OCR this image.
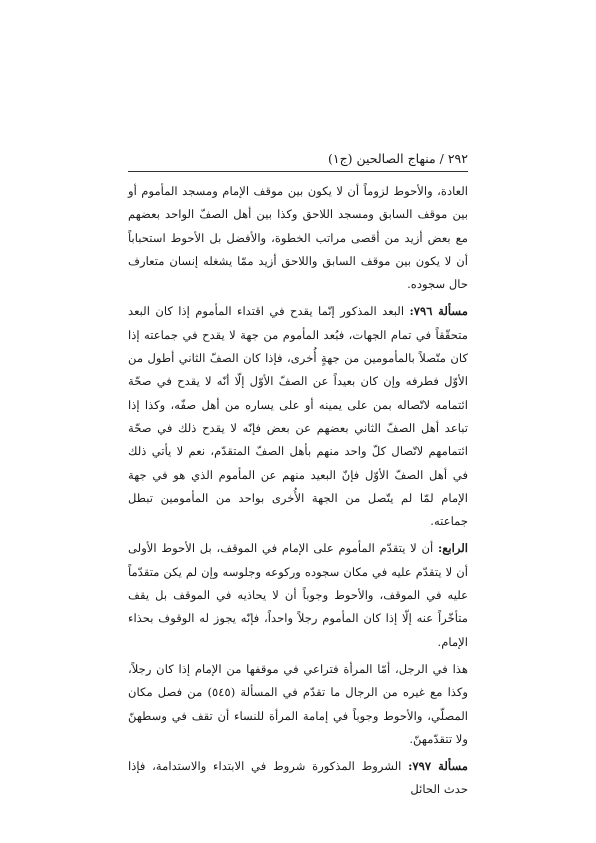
٢٩٢ / منهاج الصالحين (ج١)

العادة، والأحوط لزوماً أن لا يكون بين موقف الإمام ومسجد المأموم أو بين موقف السابق ومسجد اللاحق وكذا بين أهل الصفّ الواحد بعضهم مع بعض أزيد من أقصى مراتب الخطوة، والأفضل بل الأحوط استحباباً أن لا يكون بين موقف السابق واللاحق أزيد ممّا يشغله إنسان متعارف حال سجوده.

مسألة ٧٩٦: البعد المذكور إنّما يقدح في اقتداء المأموم إذا كان البعد متحقّقاً في تمام الجهات، فبُعد المأموم من جهة لا يقدح في جماعته إذا كان متّصلاً بالمأمومين من جهةٍ أُخرى، فإذا كان الصفّ الثاني أطول من الأوّل فطرفه وإن كان بعيداً عن الصفّ الأوّل إلّا أنّه لا يقدح في صحّة ائتمامه لاتّصاله بمن على يمينه أو على يساره من أهل صفّه، وكذا إذا تباعد أهل الصفّ الثاني بعضهم عن بعض فإنّه لا يقدح ذلك في صحّة ائتمامهم لاتّصال كلّ واحد منهم بأهل الصفّ المتقدّم، نعم لا يأتي ذلك في أهل الصفّ الأوّل فإنّ البعيد منهم عن المأموم الذي هو في جهة الإمام لمّا لم يتّصل من الجهة الأُخرى بواحد من المأمومين تبطل جماعته.

الرابع: أن لا يتقدّم المأموم على الإمام في الموقف، بل الأحوط الأولى أن لا يتقدّم عليه في مكان سجوده وركوعه وجلوسه وإن لم يكن متقدّماً عليه في الموقف، والأحوط وجوباً أن لا يحاذيه في الموقف بل يقف متأخّراً عنه إلّا إذا كان المأموم رجلاً واحداً، فإنّه يجوز له الوقوف بحذاء الإمام.

هذا في الرجل، أمّا المرأة فتراعي في موقفها من الإمام إذا كان رجلاً، وكذا مع غيره من الرجال ما تقدّم في المسألة (٥٤٥) من فصل مكان المصلّي، والأحوط وجوباً في إمامة المرأة للنساء أن تقف في وسطهنّ ولا تتقدّمهنّ.

مسألة ٧٩٧: الشروط المذكورة شروط في الابتداء والاستدامة، فإذا حدث الحائل
